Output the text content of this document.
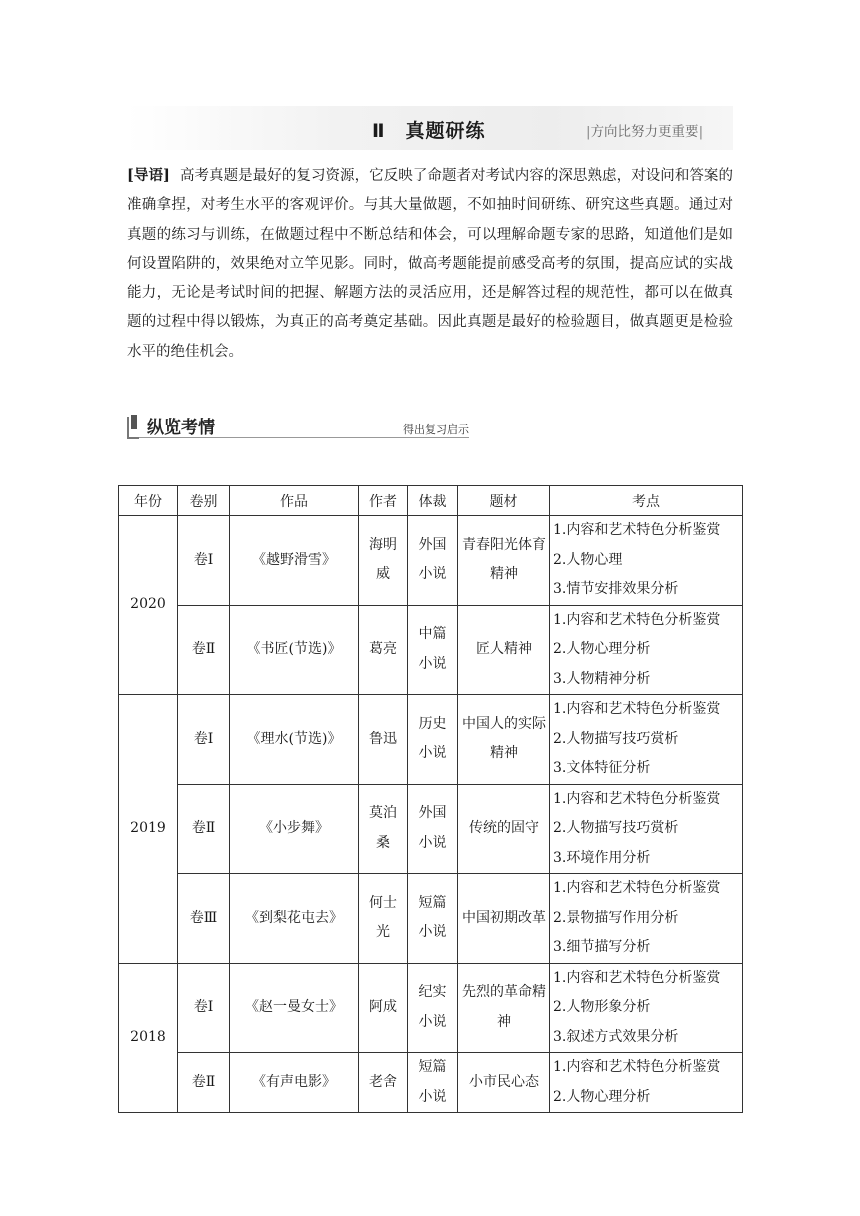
Ⅱ 真题研练	|方向比努力更重要|
[导语] 高考真题是最好的复习资源，它反映了命题者对考试内容的深思熟虑，对设问和答案的准确拿捏，对考生水平的客观评价。与其大量做题，不如抽时间研练、研究这些真题。通过对真题的练习与训练，在做题过程中不断总结和体会，可以理解命题专家的思路，知道他们是如何设置陷阱的，效果绝对立竿见影。同时，做高考题能提前感受高考的氛围，提高应试的实战能力，无论是考试时间的把握、解题方法的灵活应用，还是解答过程的规范性，都可以在做真题的过程中得以锻炼，为真正的高考奠定基础。因此真题是最好的检验题目，做真题更是检验水平的绝佳机会。
纵览考情	得出复习启示
年份	卷别	作品	作者	体裁	题材	考点
2020	卷Ⅰ	《越野滑雪》	海明威	外国小说	青春阳光体育精神	1.内容和艺术特色分析鉴赏
2.人物心理
3.情节安排效果分析

	卷Ⅱ	《书匠(节选)》	葛亮	中篇小说	匠人精神	1.内容和艺术特色分析鉴赏
2.人物心理分析
3.人物精神分析

2019	卷Ⅰ	《理水(节选)》	鲁迅	历史小说	中国人的实际精神	1.内容和艺术特色分析鉴赏
2.人物描写技巧赏析
3.文体特征分析

	卷Ⅱ	《小步舞》	莫泊桑	外国小说	传统的固守	1.内容和艺术特色分析鉴赏
2.人物描写技巧赏析
3.环境作用分析

	卷Ⅲ	《到梨花屯去》	何士光	短篇小说	中国初期改革	1.内容和艺术特色分析鉴赏
2.景物描写作用分析
3.细节描写分析

2018	卷Ⅰ	《赵一曼女士》	阿成	纪实小说	先烈的革命精神	1.内容和艺术特色分析鉴赏
2.人物形象分析
3.叙述方式效果分析

	卷Ⅱ	《有声电影》	老舍	短篇小说	小市民心态	1.内容和艺术特色分析鉴赏
2.人物心理分析
